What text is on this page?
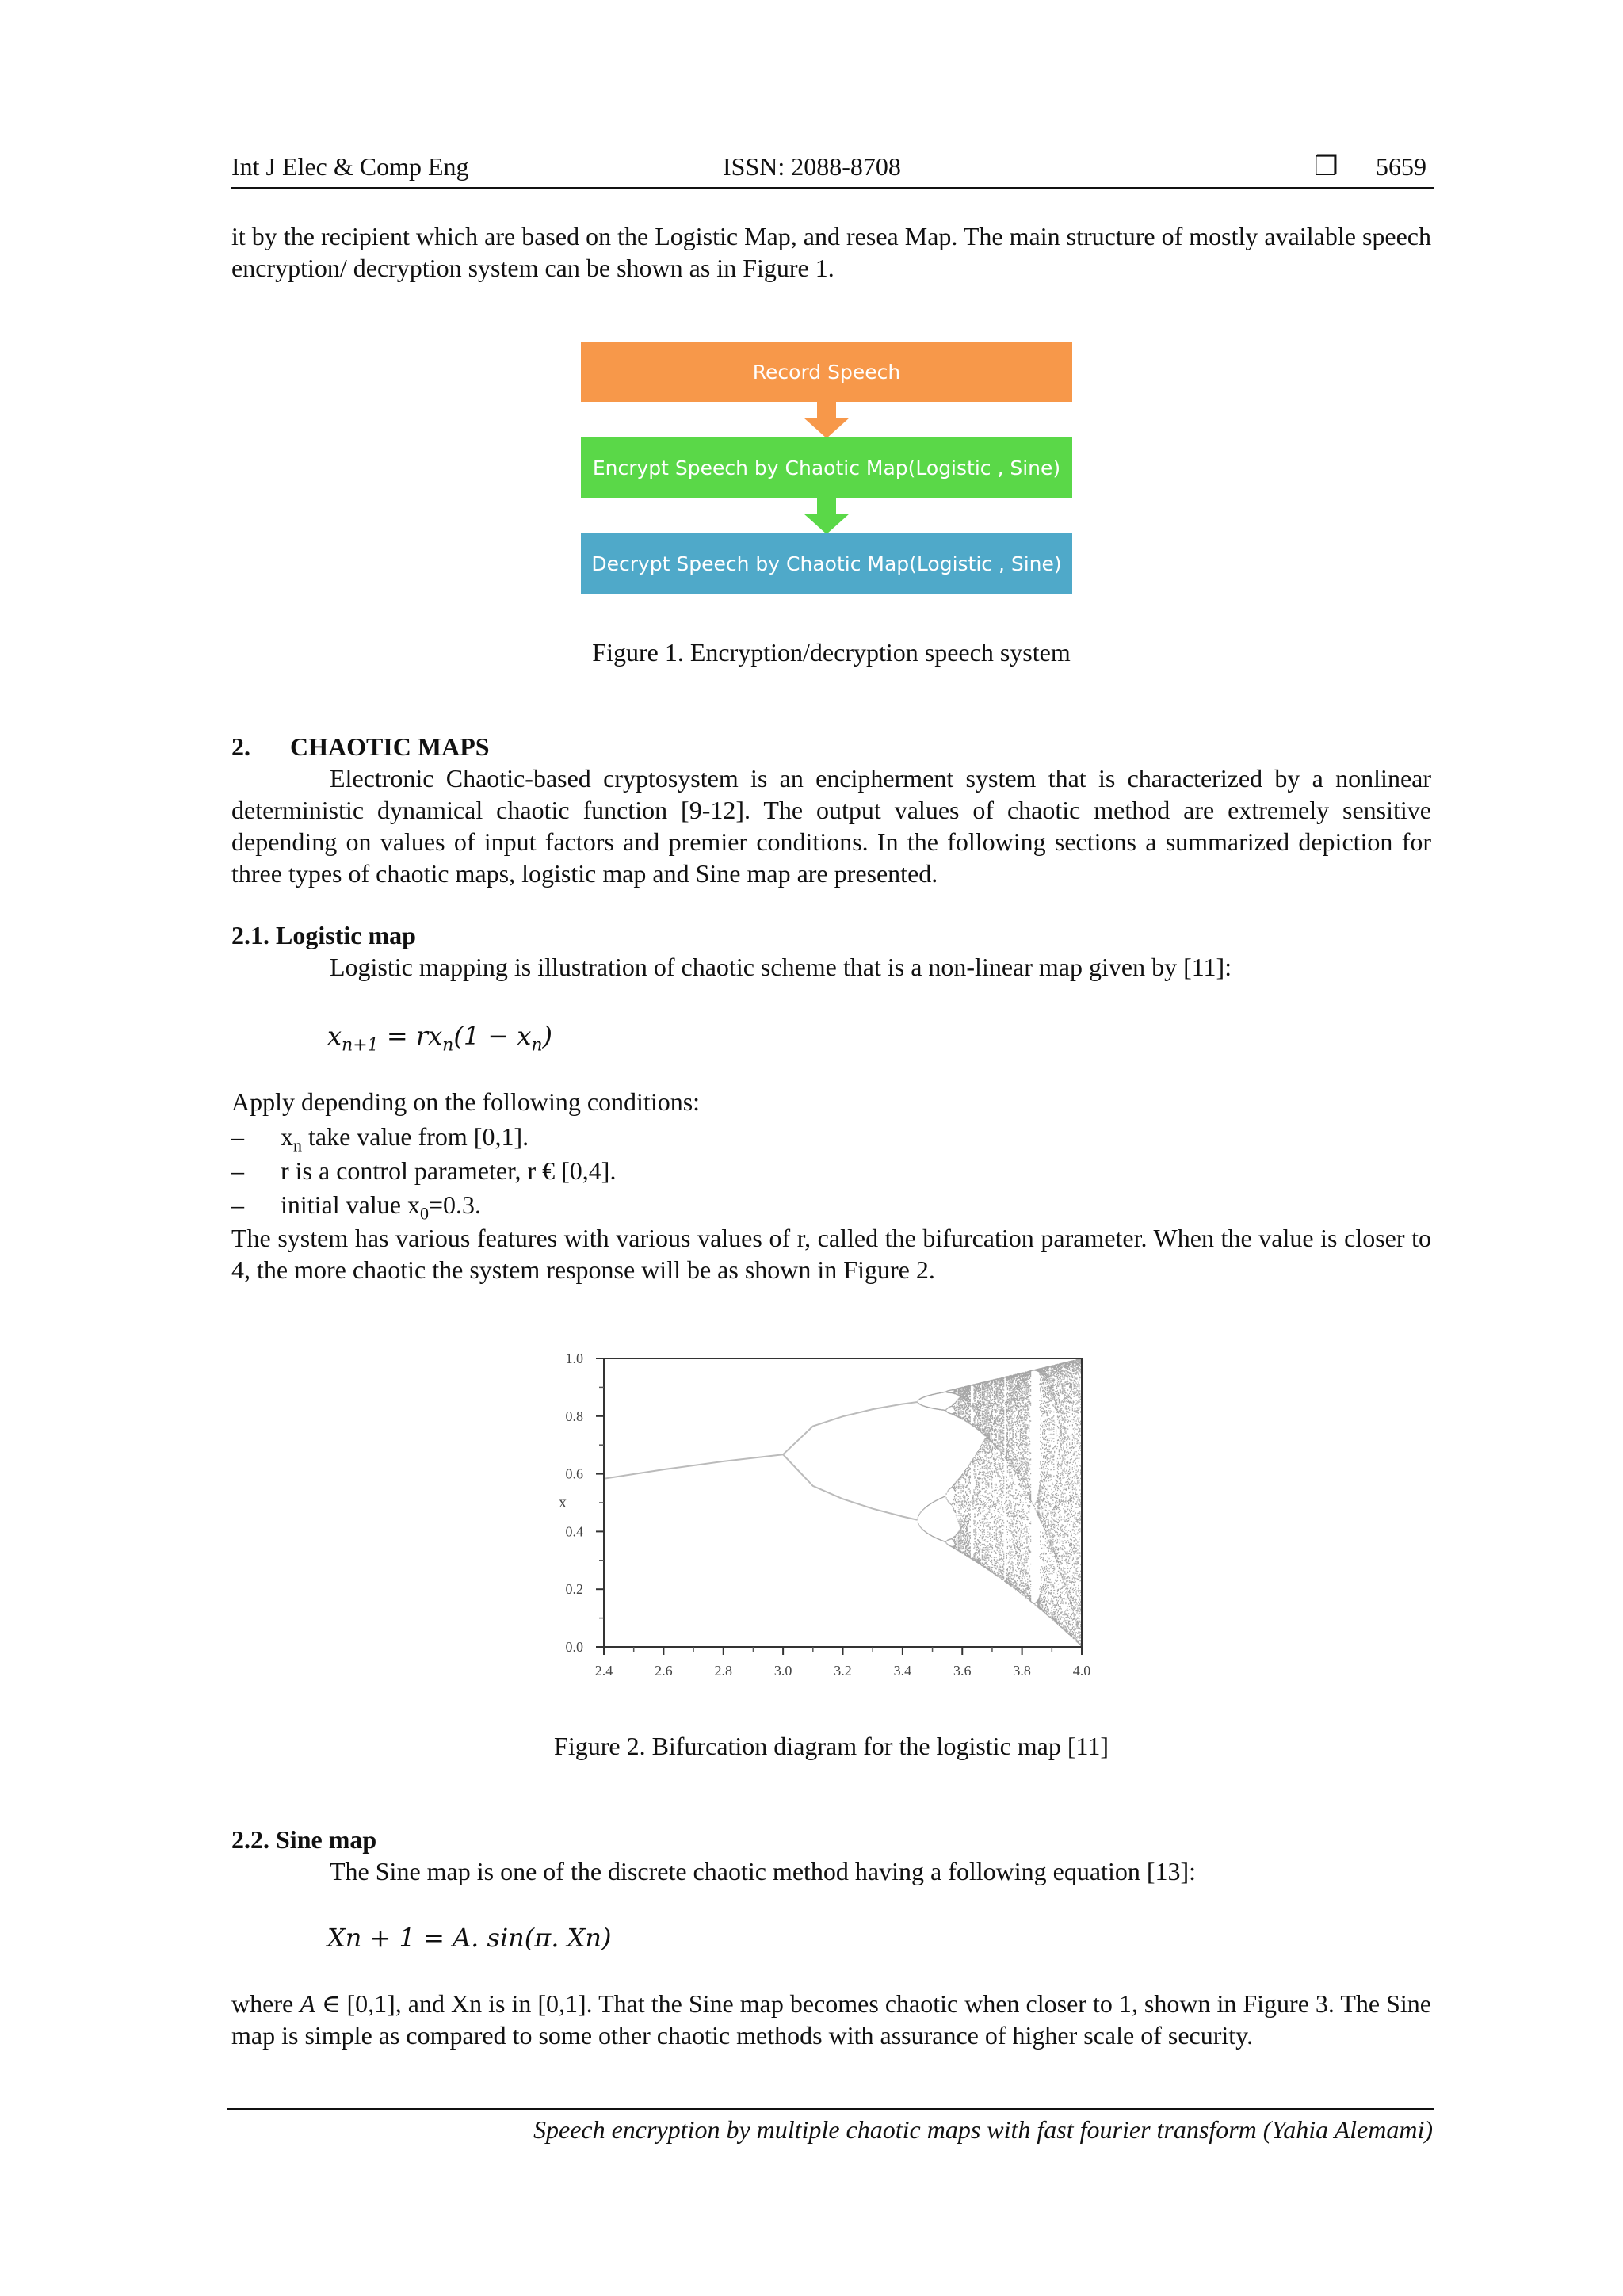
Int J Elec & Comp Eng	ISSN: 2088-8708	❒ 5659
it by the recipient which are based on the Logistic Map, and resea Map. The main structure of mostly available speech encryption/ decryption system can be shown as in Figure 1.
Record Speech
Encrypt Speech by Chaotic Map(Logistic , Sine)
Decrypt Speech by Chaotic Map(Logistic , Sine)
Figure 1. Encryption/decryption speech system
2. CHAOTIC MAPS
Electronic Chaotic-based cryptosystem is an encipherment system that is characterized by a nonlinear deterministic dynamical chaotic function [9-12]. The output values of chaotic method are extremely sensitive depending on values of input factors and premier conditions. In the following sections a summarized depiction for three types of chaotic maps, logistic map and Sine map are presented.
2.1. Logistic map
Logistic mapping is illustration of chaotic scheme that is a non-linear map given by [11]:
$x_{n+1} = rx_n(1 - x_n)$
Apply depending on the following conditions:
– $x_n$ take value from [0,1].
– r is a control parameter, r € [0,4].
– initial value $x_0=0.3$.
The system has various features with various values of r, called the bifurcation parameter. When the value is closer to 4, the more chaotic the system response will be as shown in Figure 2.
2.4	2.6	2.8	3.0	3.2	3.4	3.6	3.8	4.0
0.0
0.2
0.4
0.6
0.8
1.0
x
Figure 2. Bifurcation diagram for the logistic map [11]
2.2. Sine map
The Sine map is one of the discrete chaotic method having a following equation [13]:
Xn + 1 = A. sin(π. Xn)
where A ∈ [0,1], and Xn is in [0,1]. That the Sine map becomes chaotic when closer to 1, shown in Figure 3. The Sine map is simple as compared to some other chaotic methods with assurance of higher scale of security.
Speech encryption by multiple chaotic maps with fast fourier transform (Yahia Alemami)
